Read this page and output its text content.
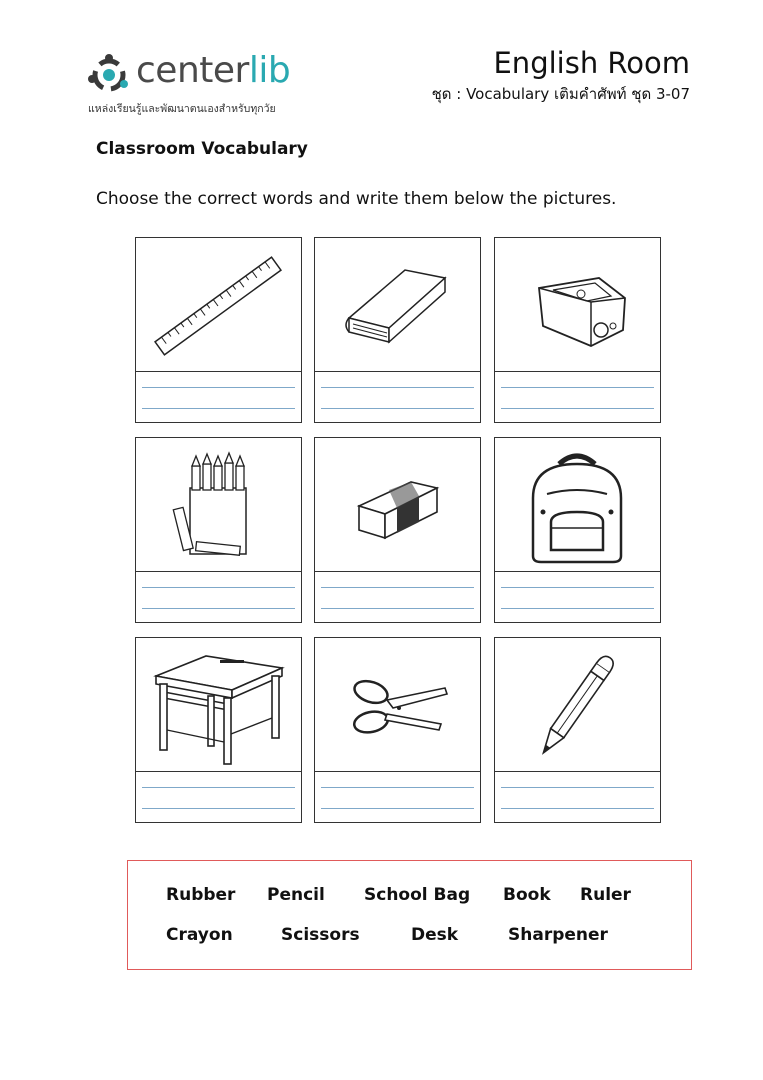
centerlib
แหล่งเรียนรู้และพัฒนาตนเองสำหรับทุกวัย
English Room
ชุด : Vocabulary เติมคำศัพท์ ชุด 3-07
Classroom Vocabulary
Choose the correct words and write them below the pictures.
Rubber Pencil School Bag Book Ruler
Crayon	Scissors	Desk	Sharpener
